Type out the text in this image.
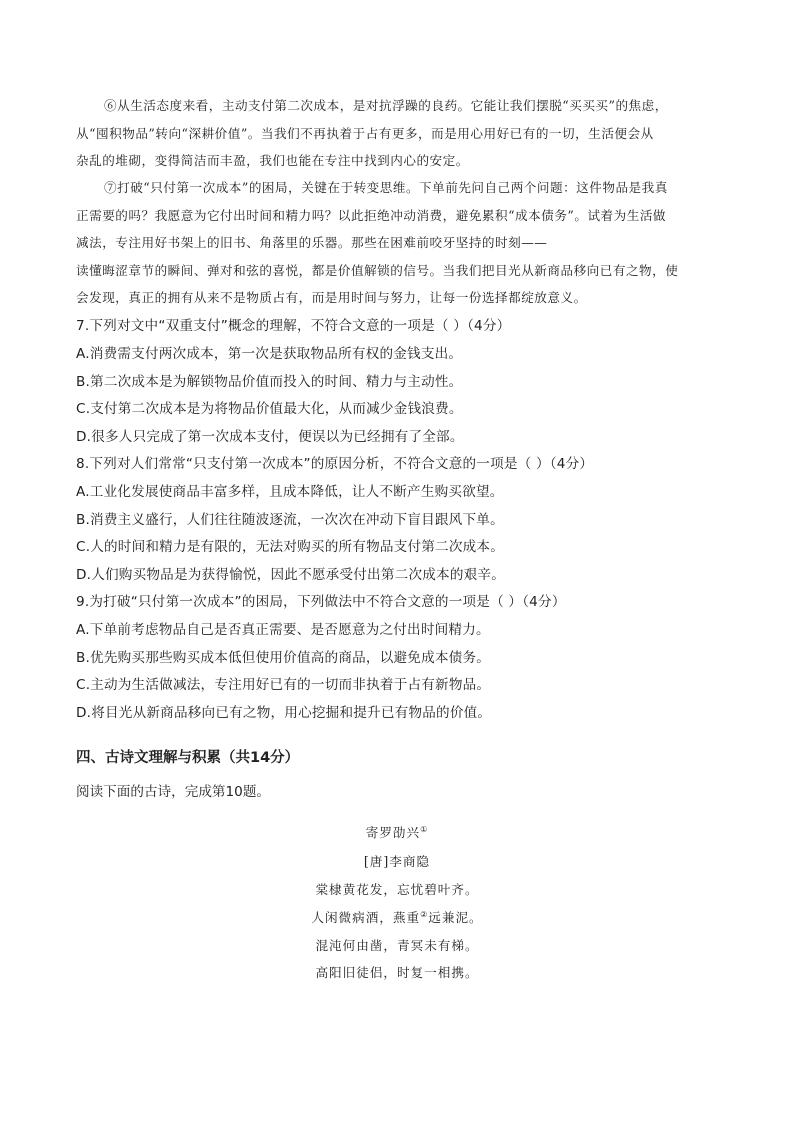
⑥从生活态度来看，主动支付第二次成本，是对抗浮躁的良药。它能让我们摆脱“买买买”的焦虑，
从“囤积物品”转向“深耕价值”。当我们不再执着于占有更多，而是用心用好已有的一切，生活便会从
杂乱的堆砌，变得简洁而丰盈，我们也能在专注中找到内心的安定。

⑦打破“只付第一次成本”的困局，关键在于转变思维。下单前先问自己两个问题：这件物品是我真
正需要的吗？我愿意为它付出时间和精力吗？以此拒绝冲动消费，避免累积“成本债务”。试着为生活做
减法，专注用好书架上的旧书、角落里的乐器。那些在困难前咬牙坚持的时刻——
读懂晦涩章节的瞬间、弹对和弦的喜悦，都是价值解锁的信号。当我们把目光从新商品移向已有之物，使
会发现，真正的拥有从来不是物质占有，而是用时间与努力，让每一份选择都绽放意义。

7.下列对文中“双重支付”概念的理解，不符合文意的一项是（ ）（4分）
A.消费需支付两次成本，第一次是获取物品所有权的金钱支出。
B.第二次成本是为解锁物品价值而投入的时间、精力与主动性。
C.支付第二次成本是为将物品价值最大化，从而减少金钱浪费。
D.很多人只完成了第一次成本支付，便误以为已经拥有了全部。
8.下列对人们常常“只支付第一次成本”的原因分析，不符合文意的一项是（ ）（4分）
A.工业化发展使商品丰富多样，且成本降低，让人不断产生购买欲望。
B.消费主义盛行，人们往往随波逐流，一次次在冲动下盲目跟风下单。
C.人的时间和精力是有限的，无法对购买的所有物品支付第二次成本。
D.人们购买物品是为获得愉悦，因此不愿承受付出第二次成本的艰辛。
9.为打破“只付第一次成本”的困局，下列做法中不符合文意的一项是（ ）（4分）
A.下单前考虑物品自己是否真正需要、是否愿意为之付出时间精力。
B.优先购买那些购买成本低但使用价值高的商品，以避免成本债务。
C.主动为生活做减法，专注用好已有的一切而非执着于占有新物品。
D.将目光从新商品移向已有之物，用心挖掘和提升已有物品的价值。
四、古诗文理解与积累（共14分）
阅读下面的古诗，完成第10题。
寄罗劭兴①
[唐]李商隐
棠棣黄花发，忘忧碧叶齐。
人闲微病酒，燕重②远兼泥。
混沌何由凿，青冥未有梯。
高阳旧徒侣，时复一相携。
